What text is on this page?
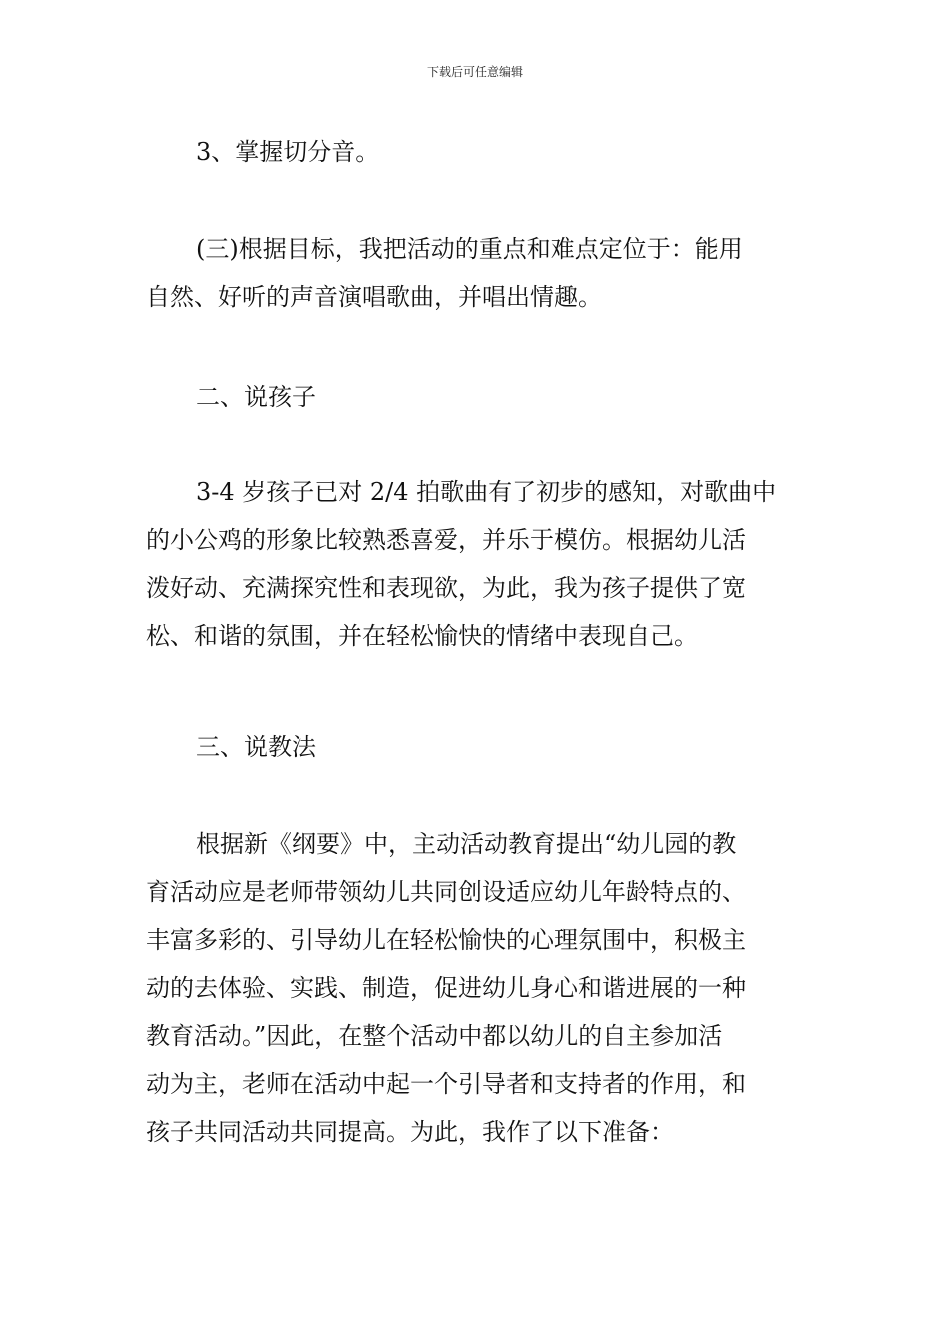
下载后可任意编辑
3、掌握切分音。
(三)根据目标，我把活动的重点和难点定位于：能用
自然、好听的声音演唱歌曲，并唱出情趣。
二、说孩子
3-4 岁孩子已对 2/4 拍歌曲有了初步的感知，对歌曲中
的小公鸡的形象比较熟悉喜爱，并乐于模仿。根据幼儿活
泼好动、充满探究性和表现欲，为此，我为孩子提供了宽
松、和谐的氛围，并在轻松愉快的情绪中表现自己。
三、说教法
根据新《纲要》中，主动活动教育提出“幼儿园的教
育活动应是老师带领幼儿共同创设适应幼儿年龄特点的、
丰富多彩的、引导幼儿在轻松愉快的心理氛围中，积极主
动的去体验、实践、制造，促进幼儿身心和谐进展的一种
教育活动。”因此，在整个活动中都以幼儿的自主参加活
动为主，老师在活动中起一个引导者和支持者的作用，和
孩子共同活动共同提高。为此，我作了以下准备：
